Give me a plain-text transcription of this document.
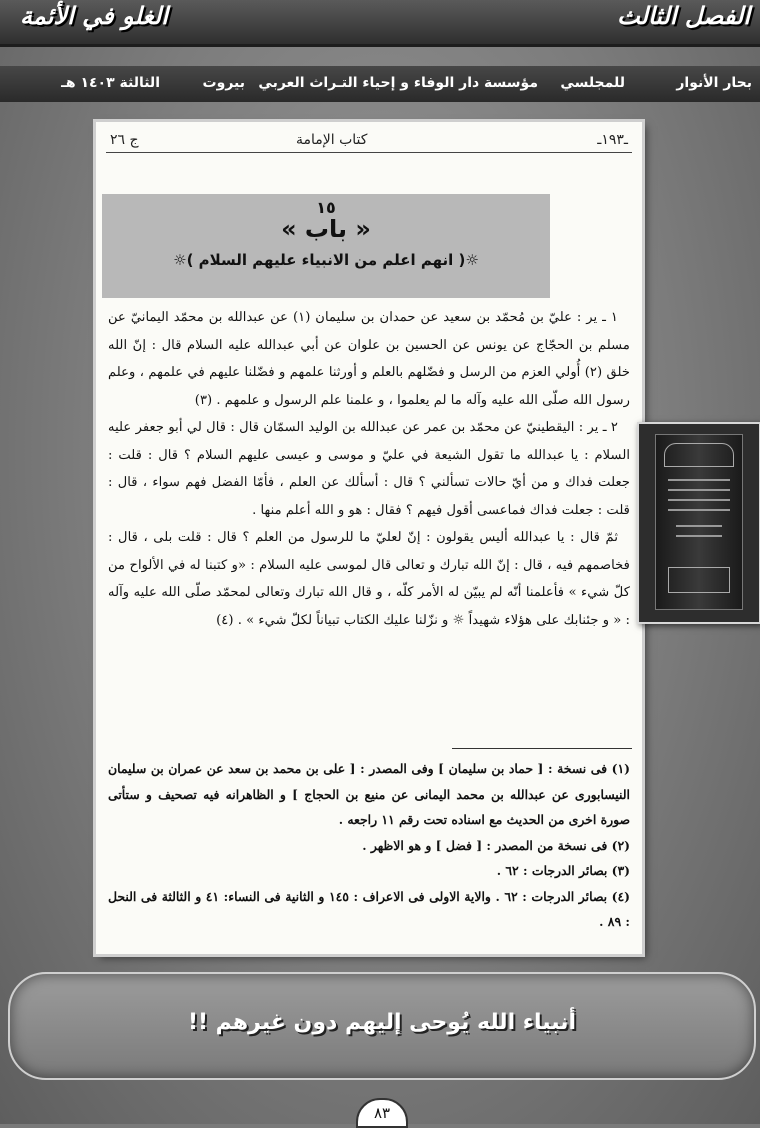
الفصل الثالث
الغلو في الأئمة
بحار الأنوار
للمجلسي
مؤسسة دار الوفاء و إحياء التـراث العربي
بيروت
الثالثة ١٤٠٣ هـ
ـ١٩٣ـ
كتاب الإمامة
ج ٢٦
١٥
« باب »
☼( انهم اعلم من الانبياء عليهم السلام )☼

١ ـ ير : عليّ بن مُحمّد بن سعيد عن حمدان بن سليمان (١) عن عبدالله بن محمّد اليمانيّ عن مسلم بن الحجّاج عن يونس عن الحسين بن علوان عن أبي عبدالله عليه السلام قال : إنّ الله خلق (٢) أُولي العزم من الرسل و فضّلهم بالعلم و أورثنا علمهم و فضّلنا عليهم في علمهم ، وعلم رسول الله صلّى الله عليه وآله ما لم يعلموا ، و علمنا علم الرسول و علمهم . (٣)

٢ ـ ير : اليقطينيّ عن محمّد بن عمر عن عبدالله بن الوليد السمّان قال : قال لي أبو جعفر عليه السلام : يا عبدالله ما تقول الشيعة في عليّ و موسى و عيسى عليهم السلام ؟ قال : قلت : جعلت فداك و من أيّ حالات تسألني ؟ قال : أسألك عن العلم ، فأمّا الفضل فهم سواء ، قال : قلت : جعلت فداك فماعسى أقول فيهم ؟ فقال : هو و الله أعلم منها .

ثمّ قال : يا عبدالله أليس يقولون : إنّ لعليّ ما للرسول من العلم ؟ قال : قلت بلى ، قال : فخاصمهم فيه ، قال : إنّ الله تبارك و تعالى قال لموسى عليه السلام : «و كتبنا له في الألواح من كلّ شيء » فأعلمنا أنّه لم يبيّن له الأمر كلّه ، و قال الله تبارك وتعالى لمحمّد صلّى الله عليه وآله : « و جئنابك على هؤلاء شهيداً ☼ و نزّلنا عليك الكتاب تبياناً لكلّ شيء » . (٤)

(١) فى نسخة : [ حماد بن سليمان ] وفى المصدر : [ على بن محمد بن سعد عن عمران بن سليمان النيسابورى عن عبدالله بن محمد اليمانى عن منيع بن الحجاج ] و الظاهرانه فيه تصحيف و ستأتى صورة اخرى من الحديث مع اسناده تحت رقم ١١ راجعه .

(٢) فى نسخة من المصدر : [ فضل ] و هو الاظهر .

(٣) بصائر الدرجات : ٦٢ .

(٤) بصائر الدرجات : ٦٢ . والاية الاولى فى الاعراف : ١٤٥ و الثانية فى النساء: ٤١ و الثالثة فى النحل : ٨٩ .

أنبياء الله يُوحى إليهم دون غيرهم !!
٨٣
